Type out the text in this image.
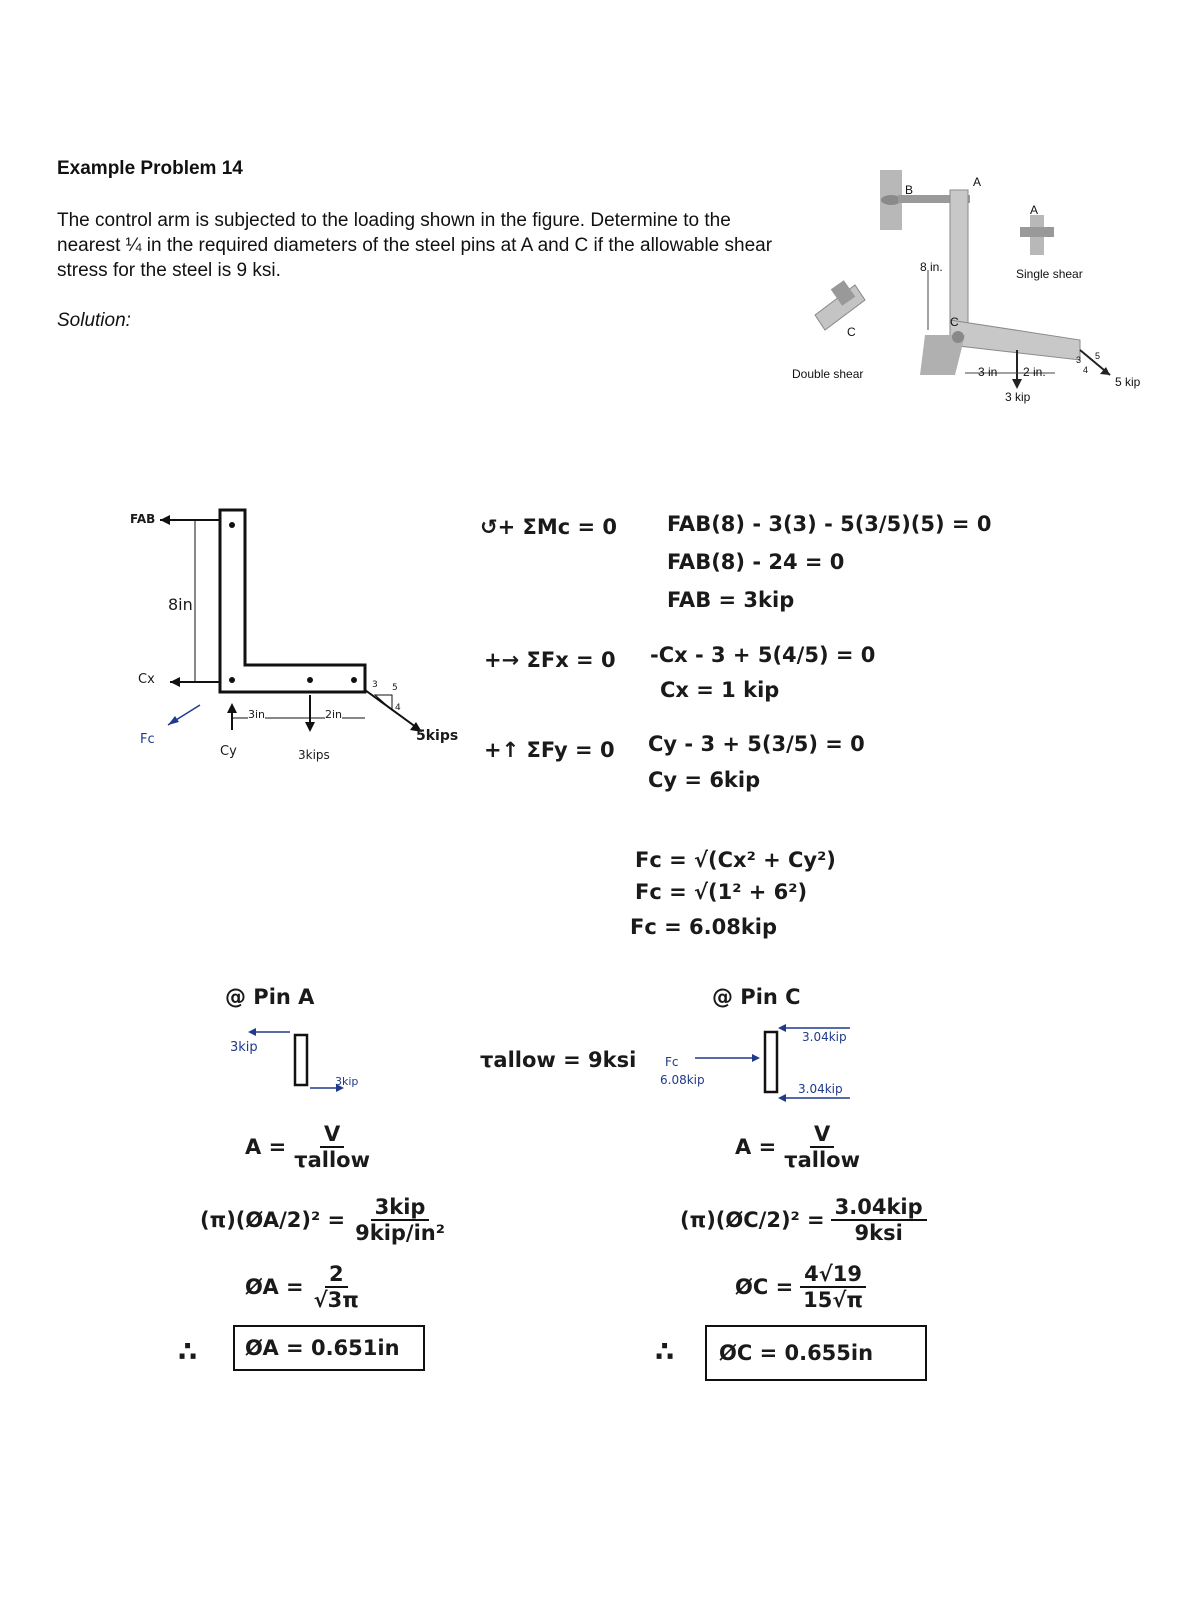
Example Problem 14
The control arm is subjected to the loading shown in the figure. Determine to the nearest ¼ in the required diameters of the steel pins at A and C if the allowable shear stress for the steel is 9 ksi.
Solution:
B
A
A
C
C
8 in.	Single shear
Double shear	3 in 2 in.
3 kip
5 kip
3
4
5
FAB
8in
Cx
Fc
Cy
3in	2in
3kips
5kips
3
4
5
↺+ ΣMc = 0 FAB(8) - 3(3) - 5(3/5)(5) = 0
FAB(8) - 24 = 0
FAB = 3kip
+→ ΣFx = 0 -Cx - 3 + 5(4/5) = 0
Cx = 1 kip
+↑ ΣFy = 0 Cy - 3 + 5(3/5) = 0
Cy = 6kip
Fc = √(Cx² + Cy²)
Fc = √(1² + 6²)
Fc = 6.08kip
@ Pin A
3kip
3kip
$A = \frac{V}{\text{τallow}}$
(π)(ØA/2)² = $\frac{\text{3kip}}{\text{9kip/in²}}$
ØA = $\frac{2}{√3\pi}$
∴	ØA = 0.651in
τallow = 9ksi
@ Pin C
Fc
6.08kip
3.04kip
3.04kip
$A = \frac{V}{\text{τallow}}$
(π)(ØC/2)² = $\frac{\text{3.04kip}}{\text{9ksi}}$
ØC = $\frac{4√19}{15√\pi}$
∴	ØC = 0.655in
